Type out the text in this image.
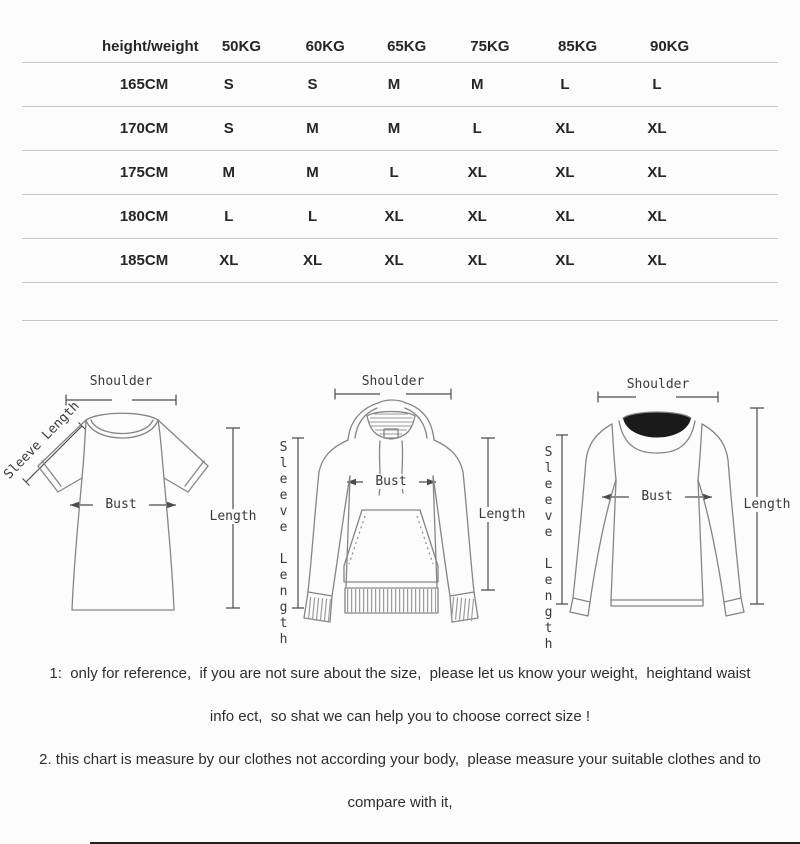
height/weight	50KG	60KG	65KG	75KG	85KG	90KG
165CM	S	S	M	M	L	L
170CM	S	M	M	L	XL	XL
175CM	M	M	L	XL	XL	XL
180CM	L	L	XL	XL	XL	XL
185CM	XL	XL	XL	XL	XL	XL
Shoulder
Sleeve Length
Bust
Length
Shoulder
Sleeve Length	Bust
Length
Shoulder
Sleeve Length	Bust
Length
1:  only for reference,  if you are not sure about the size,  please let us know your weight,  heightand waist
info ect,  so shat we can help you to choose correct size !
2. this chart is measure by our clothes not according your body,  please measure your suitable clothes and to
compare with it,
